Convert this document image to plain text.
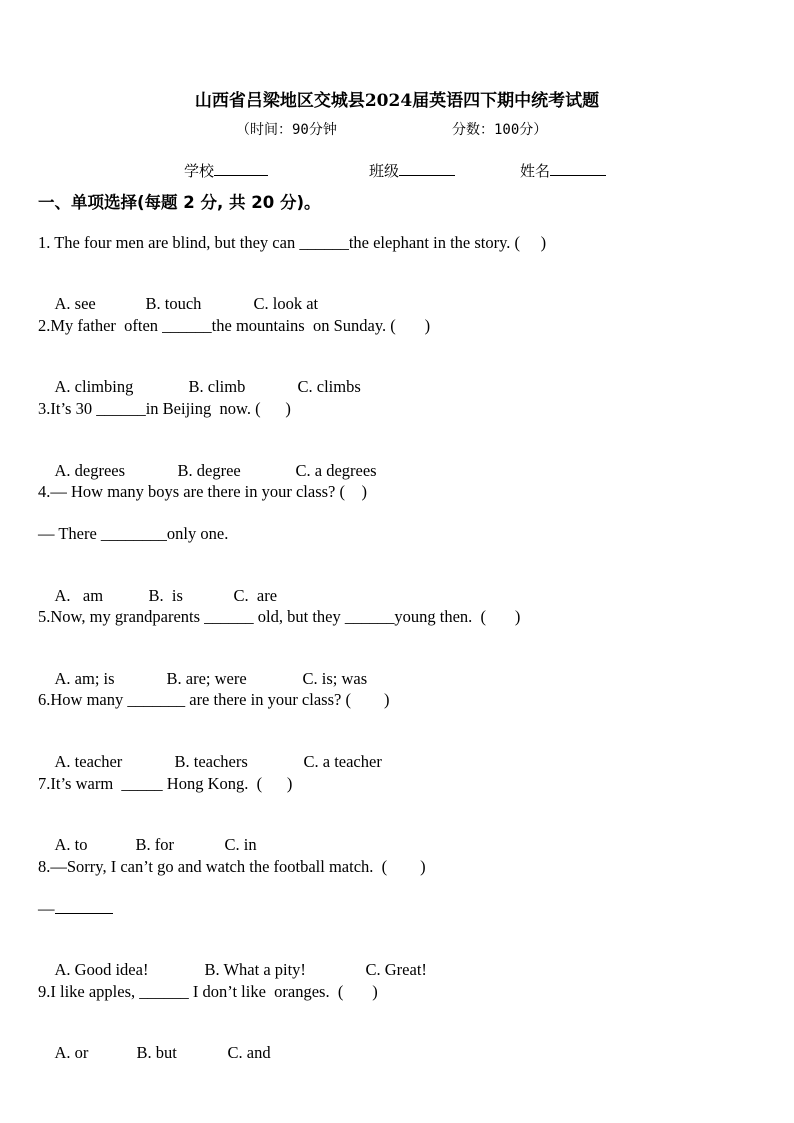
山西省吕梁地区交城县2024届英语四下期中统考试题
（时间：90分钟	分数：100分）
学校	班级	姓名
一、单项选择(每题 2 分, 共 20 分)。
1. The four men are blind, but they can ______the elephant in the story. (     )

A. see	B. touch	C. look at

2.My father  often ______the mountains  on Sunday. (       )

A. climbing	B. climb	C. climbs

3.It’s 30 ______in Beijing  now. (      )

A. degrees	B. degree	C. a degrees

4.— How many boys are there in your class? (    )
— There ________only one.

A.   am	B.  is	C.  are

5.Now, my grandparents ______ old, but they ______young then.  (       )

A. am; is	B. are; were	C. is; was

6.How many _______ are there in your class? (        )

A. teacher	B. teachers	C. a teacher

7.It’s warm  _____ Hong Kong.  (      )

A. to	B. for	C. in

8.—Sorry, I can’t go and watch the football match.  (        )
—

A. Good idea!	B. What a pity!	C. Great!

9.I like apples, ______ I don’t like  oranges.  (       )

A. or	B. but	C. and
